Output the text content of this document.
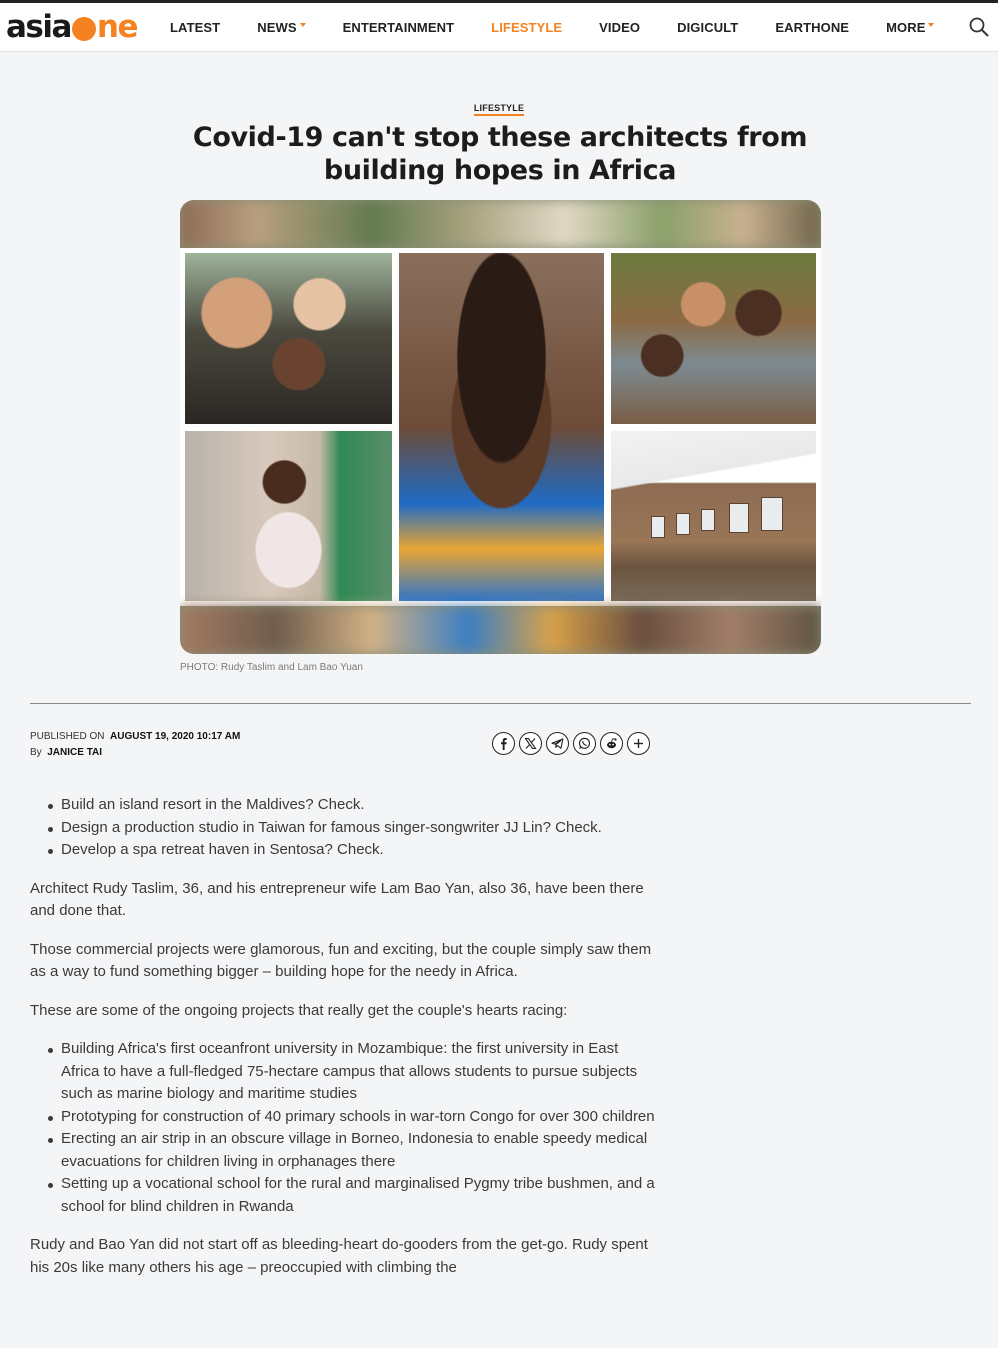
asia ne	LATEST	NEWS	ENTERTAINMENT	LIFESTYLE	VIDEO	DIGICULT	EARTHONE	MORE
LIFESTYLE
Covid-19 can't stop these architects from building hopes in Africa
PHOTO: Rudy Taslim and Lam Bao Yuan
PUBLISHED ON AUGUST 19, 2020 10:17 AM
By JANICE TAI
Build an island resort in the Maldives? Check.
Design a production studio in Taiwan for famous singer-songwriter JJ Lin? Check.
Develop a spa retreat haven in Sentosa? Check.

Architect Rudy Taslim, 36, and his entrepreneur wife Lam Bao Yan, also 36, have been there and done that.

Those commercial projects were glamorous, fun and exciting, but the couple simply saw them as a way to fund something bigger – building hope for the needy in Africa.

These are some of the ongoing projects that really get the couple's hearts racing:

Building Africa's first oceanfront university in Mozambique: the first university in East Africa to have a full-fledged 75-hectare campus that allows students to pursue subjects such as marine biology and maritime studies
Prototyping for construction of 40 primary schools in war-torn Congo for over 300 children
Erecting an air strip in an obscure village in Borneo, Indonesia to enable speedy medical evacuations for children living in orphanages there
Setting up a vocational school for the rural and marginalised Pygmy tribe bushmen, and a school for blind children in Rwanda

Rudy and Bao Yan did not start off as bleeding-heart do-gooders from the get-go. Rudy spent his 20s like many others his age – preoccupied with climbing the
